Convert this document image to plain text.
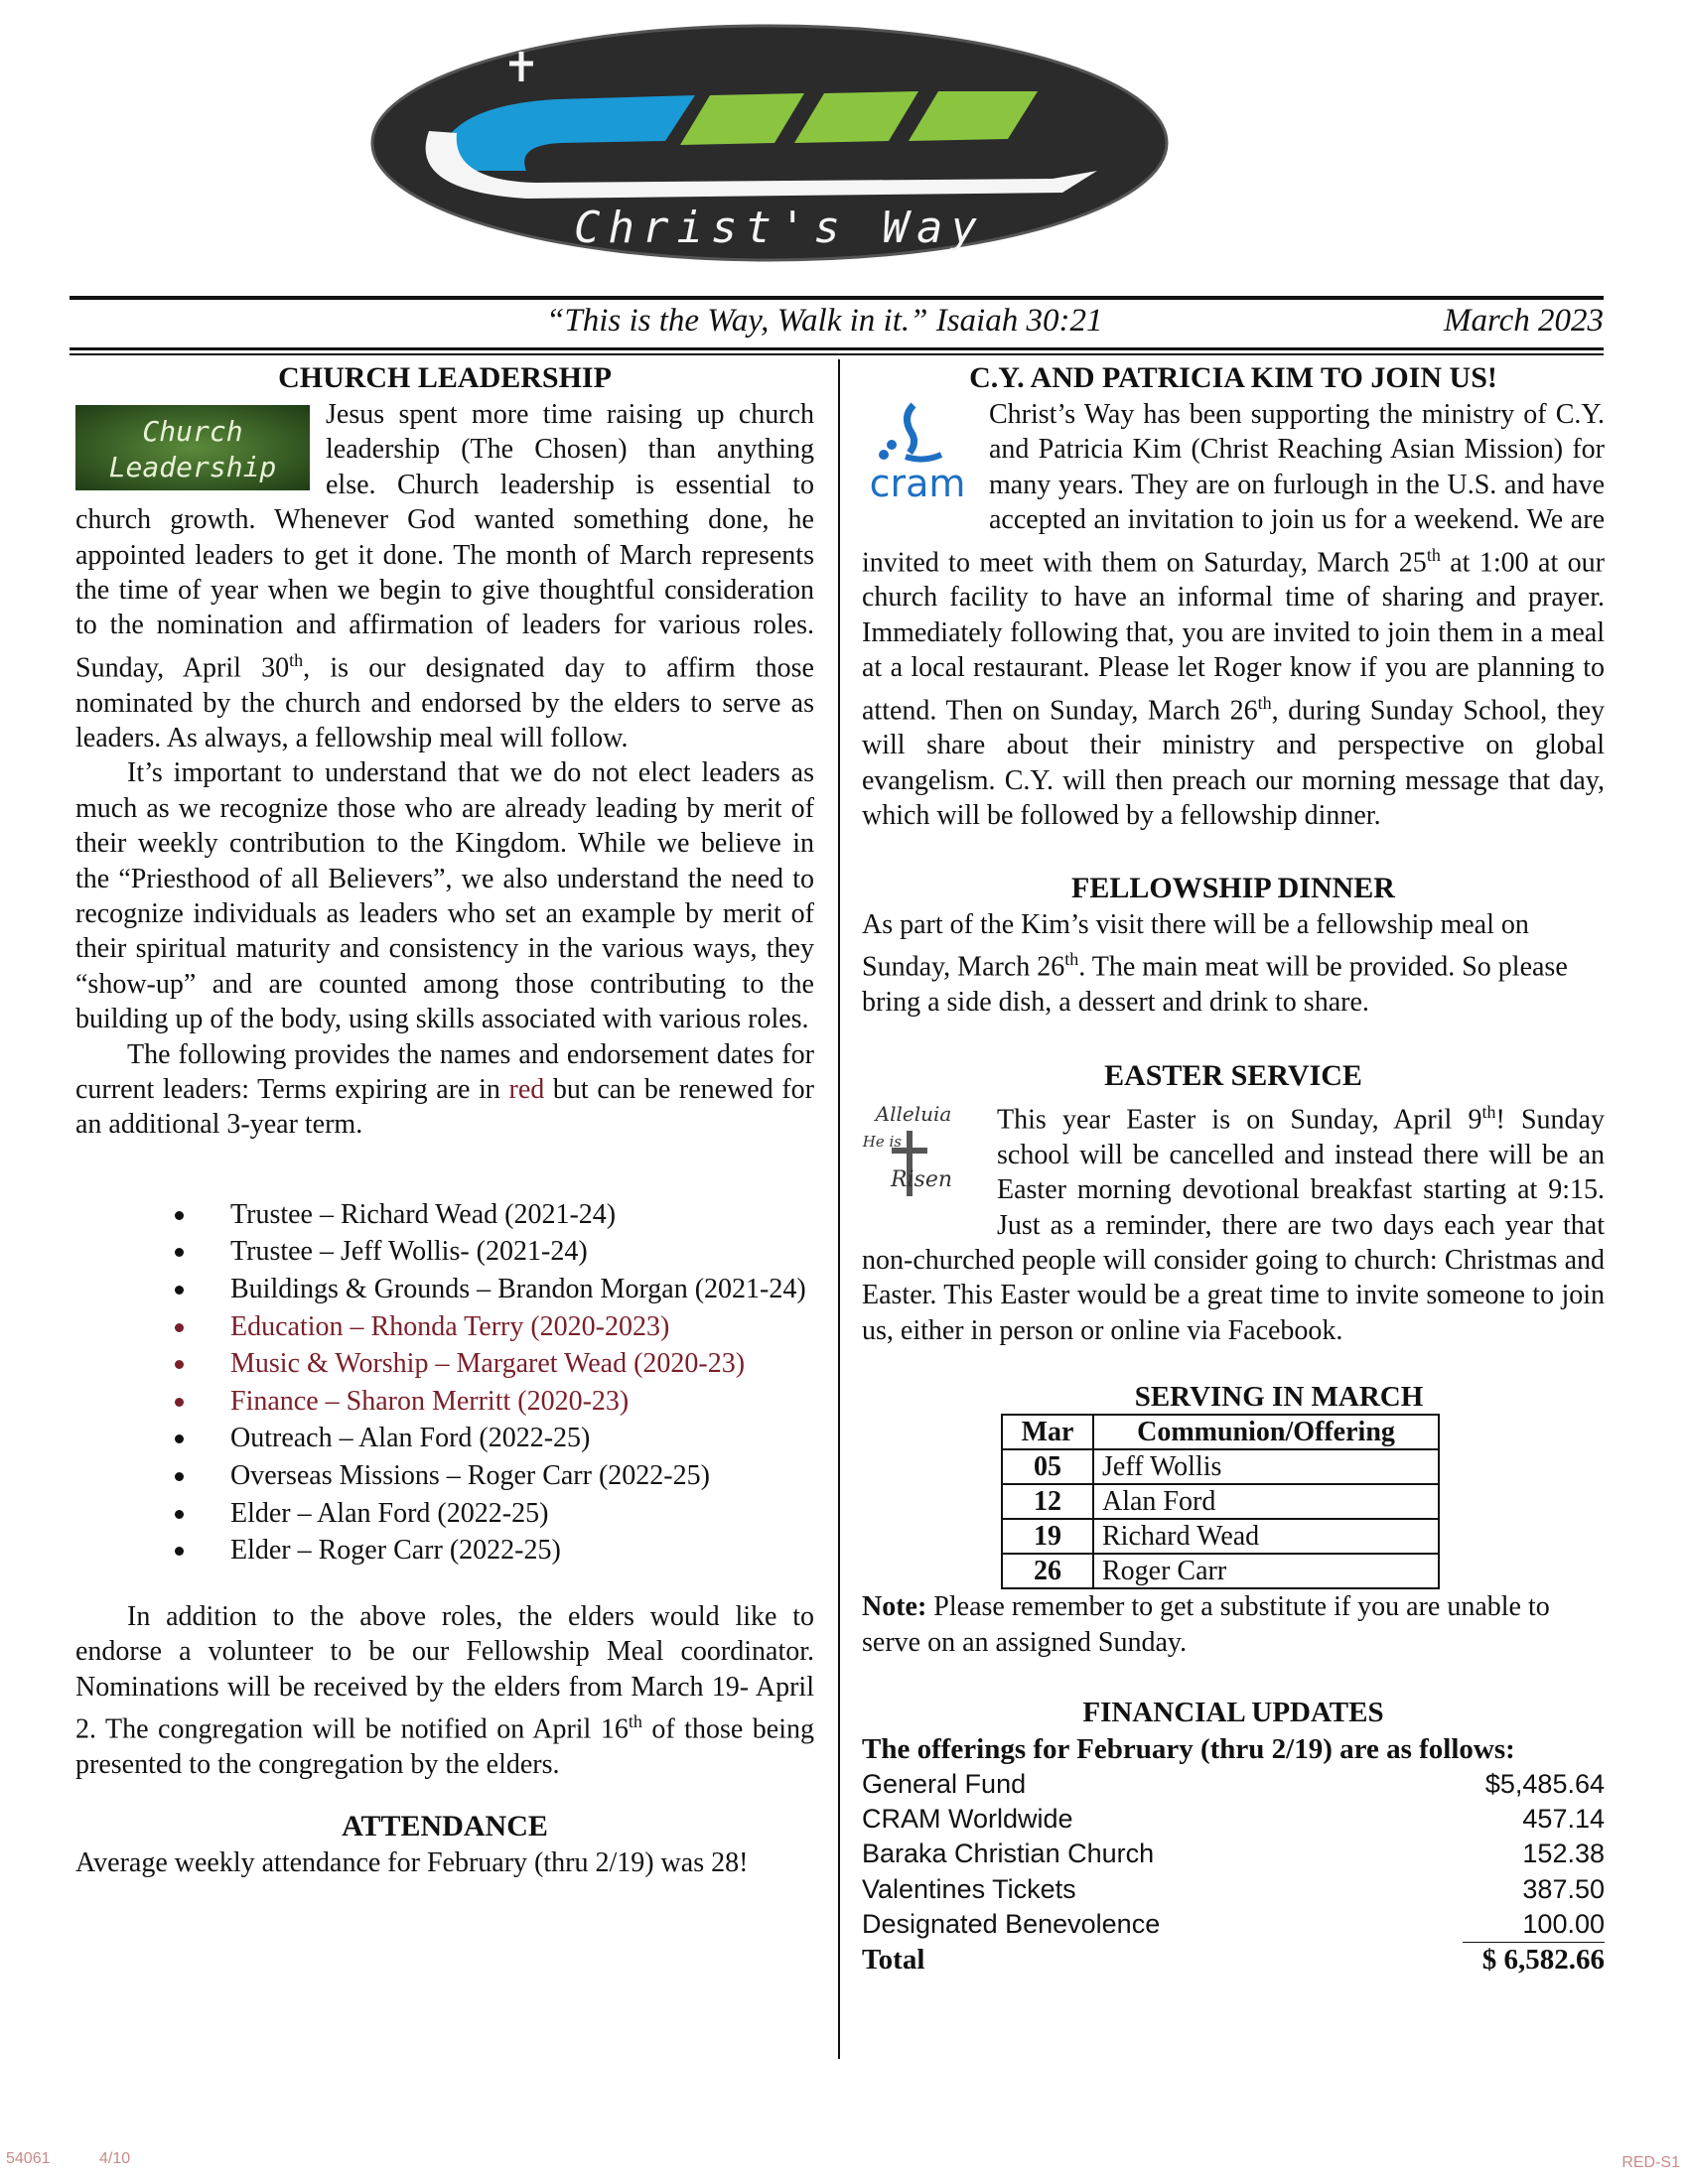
Christ's Way
“This is the Way, Walk in it.” Isaiah 30:21	March 2023
CHURCH LEADERSHIP
Church
Leadership

Jesus spent more time raising up church leadership (The Chosen) than anything else. Church leadership is essential to church growth. Whenever God wanted something done, he appointed leaders to get it done. The month of March represents the time of year when we begin to give thoughtful consideration to the nomination and affirmation of leaders for various roles. Sunday, April 30th, is our designated day to affirm those nominated by the church and endorsed by the elders to serve as leaders. As always, a fellowship meal will follow.

It’s important to understand that we do not elect leaders as much as we recognize those who are already leading by merit of their weekly contribution to the Kingdom. While we believe in the “Priesthood of all Believers”, we also understand the need to recognize individuals as leaders who set an example by merit of their spiritual maturity and consistency in the various ways, they “show-up” and are counted among those contributing to the building up of the body, using skills associated with various roles.

The following provides the names and endorsement dates for current leaders: Terms expiring are in red but can be renewed for an additional 3-year term.

Trustee – Richard Wead (2021-24)
Trustee – Jeff Wollis- (2021-24)
Buildings & Grounds – Brandon Morgan (2021-24)
Education – Rhonda Terry (2020-2023)
Music & Worship – Margaret Wead (2020-23)
Finance – Sharon Merritt (2020-23)
Outreach – Alan Ford (2022-25)
Overseas Missions – Roger Carr (2022-25)
Elder – Alan Ford (2022-25)
Elder – Roger Carr (2022-25)

In addition to the above roles, the elders would like to endorse a volunteer to be our Fellowship Meal coordinator. Nominations will be received by the elders from March 19- April 2. The congregation will be notified on April 16th of those being presented to the congregation by the elders.

ATTENDANCE

Average weekly attendance for February (thru 2/19) was 28!

C.Y. AND PATRICIA KIM TO JOIN US!
cram

Christ’s Way has been supporting the ministry of C.Y. and Patricia Kim (Christ Reaching Asian Mission) for many years. They are on furlough in the U.S. and have accepted an invitation to join us for a weekend. We are invited to meet with them on Saturday, March 25th at 1:00 at our church facility to have an informal time of sharing and prayer. Immediately following that, you are invited to join them in a meal at a local restaurant. Please let Roger know if you are planning to attend. Then on Sunday, March 26th, during Sunday School, they will share about their ministry and perspective on global evangelism. C.Y. will then preach our morning message that day, which will be followed by a fellowship dinner.

FELLOWSHIP DINNER

As part of the Kim’s visit there will be a fellowship meal on Sunday, March 26th. The main meat will be provided. So please bring a side dish, a dessert and drink to share.

EASTER SERVICE
Alleluia
He is
Risen

This year Easter is on Sunday, April 9th! Sunday school will be cancelled and instead there will be an Easter morning devotional breakfast starting at 9:15. Just as a reminder, there are two days each year that non-churched people will consider going to church: Christmas and Easter. This Easter would be a great time to invite someone to join us, either in person or online via Facebook.

SERVING IN MARCH
Mar	Communion/Offering
05	Jeff Wollis
12	Alan Ford
19	Richard Wead
26	Roger Carr

Note: Please remember to get a substitute if you are unable to serve on an assigned Sunday.

FINANCIAL UPDATES
The offerings for February (thru 2/19) are as follows:
General Fund	$5,485.64
CRAM Worldwide	457.14
Baraka Christian Church	152.38
Valentines Tickets	387.50
Designated Benevolence	100.00
Total	$ 6,582.66
54061	4/10	RED-S1
